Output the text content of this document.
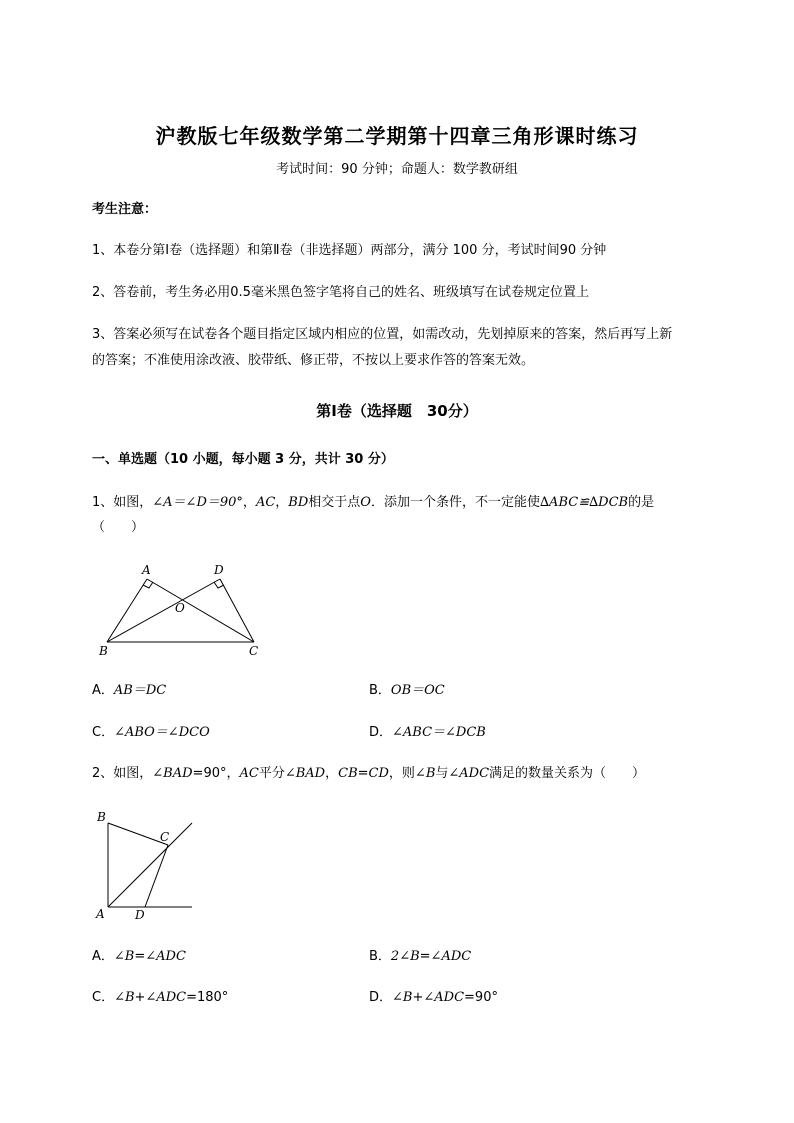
沪教版七年级数学第二学期第十四章三角形课时练习
考试时间：90 分钟；命题人：数学教研组
考生注意：
1、本卷分第Ⅰ卷（选择题）和第Ⅱ卷（非选择题）两部分，满分 100 分，考试时间90 分钟
2、答卷前，考生务必用0.5毫米黑色签字笔将自己的姓名、班级填写在试卷规定位置上
3、答案必须写在试卷各个题目指定区域内相应的位置，如需改动，先划掉原来的答案，然后再写上新
的答案；不准使用涂改液、胶带纸、修正带，不按以上要求作答的答案无效。
第Ⅰ卷（选择题　30分）
一、单选题（10 小题，每小题 3 分，共计 30 分）
1、如图，∠A＝∠D＝90°，AC，BD相交于点O．添加一个条件，不一定能使∆ABC≌∆DCB的是
（　　）
A	D
O
B	C
A．AB＝DC	B．OB＝OC
C．∠ABO＝∠DCO	D．∠ABC＝∠DCB
2、如图，∠BAD=90°，AC平分∠BAD，CB=CD，则∠B与∠ADC满足的数量关系为（　　）
B
C
A	D
A．∠B=∠ADC	B．2∠B=∠ADC
C．∠B+∠ADC=180°	D．∠B+∠ADC=90°
